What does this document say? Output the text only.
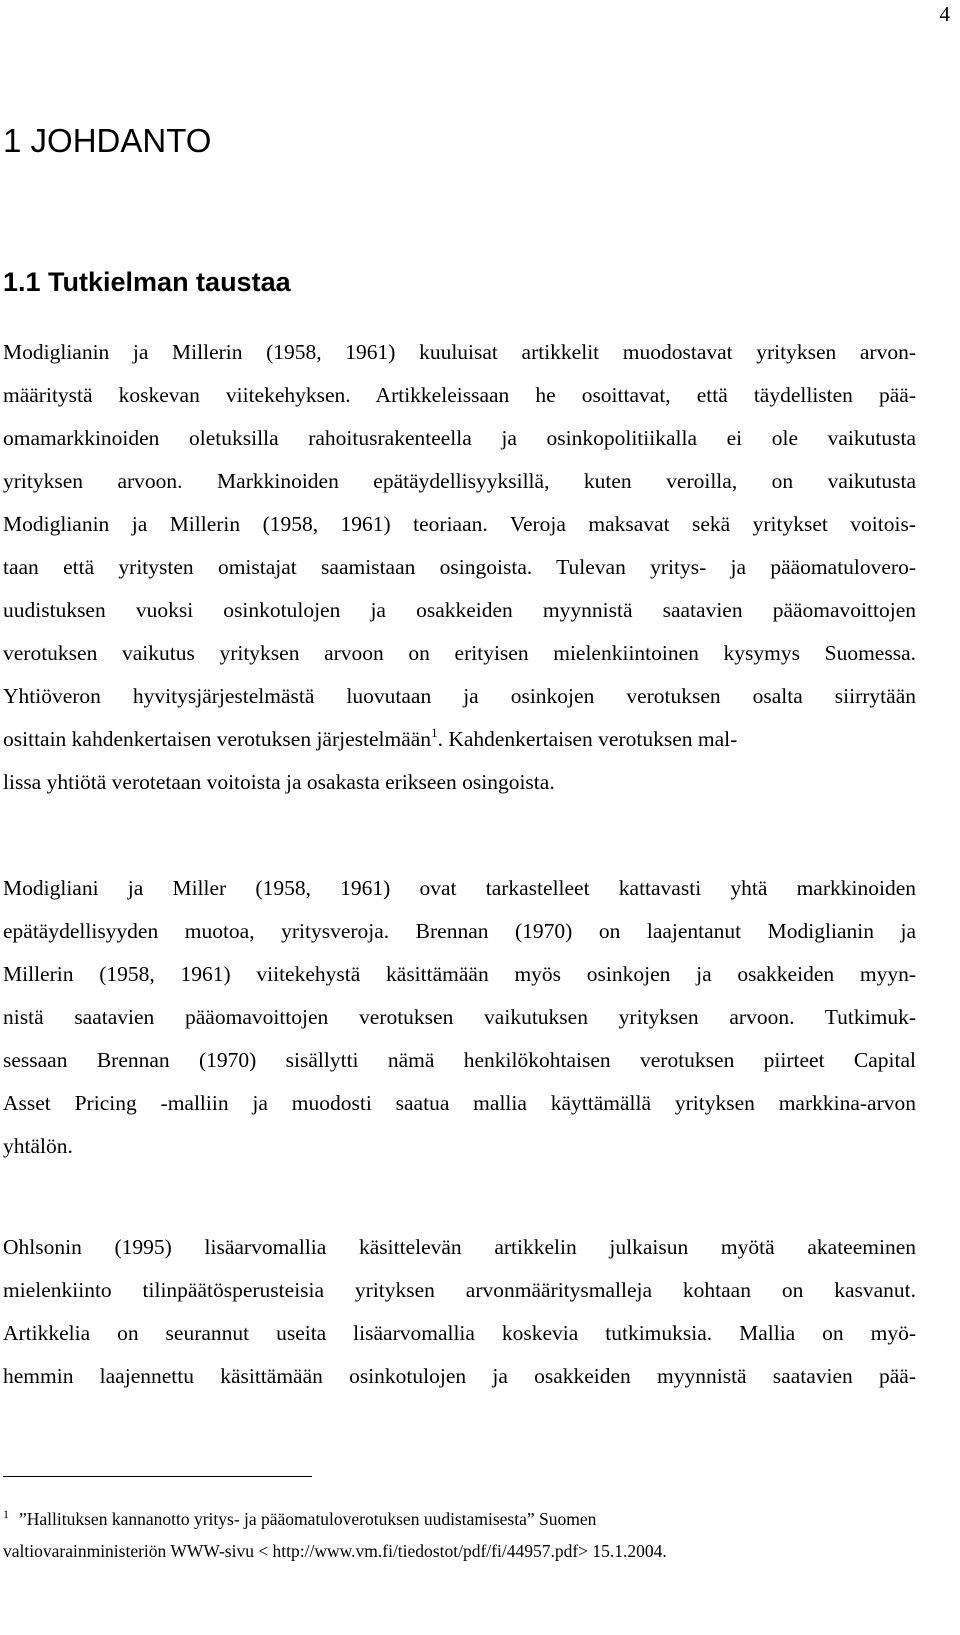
4
1 JOHDANTO
1.1 Tutkielman taustaa
Modiglianin ja Millerin (1958, 1961) kuuluisat artikkelit muodostavat yrityksen arvon-
määritystä koskevan viitekehyksen. Artikkeleissaan he osoittavat, että täydellisten pää-
omamarkkinoiden oletuksilla rahoitusrakenteella ja osinkopolitiikalla ei ole vaikutusta
yrityksen arvoon. Markkinoiden epätäydellisyyksillä, kuten veroilla, on vaikutusta
Modiglianin ja Millerin (1958, 1961) teoriaan. Veroja maksavat sekä yritykset voitois-
taan että yritysten omistajat saamistaan osingoista. Tulevan yritys- ja pääomatulovero-
uudistuksen vuoksi osinkotulojen ja osakkeiden myynnistä saatavien pääomavoittojen
verotuksen vaikutus yrityksen arvoon on erityisen mielenkiintoinen kysymys Suomessa.
Yhtiöveron hyvitysjärjestelmästä luovutaan ja osinkojen verotuksen osalta siirrytään
osittain kahdenkertaisen verotuksen järjestelmään$^1$. Kahdenkertaisen verotuksen mal-
lissa yhtiötä verotetaan voitoista ja osakasta erikseen osingoista.
Modigliani ja Miller (1958, 1961) ovat tarkastelleet kattavasti yhtä markkinoiden
epätäydellisyyden muotoa, yritysveroja. Brennan (1970) on laajentanut Modiglianin ja
Millerin (1958, 1961) viitekehystä käsittämään myös osinkojen ja osakkeiden myyn-
nistä saatavien pääomavoittojen verotuksen vaikutuksen yrityksen arvoon. Tutkimuk-
sessaan Brennan (1970) sisällytti nämä henkilökohtaisen verotuksen piirteet Capital
Asset Pricing -malliin ja muodosti saatua mallia käyttämällä yrityksen markkina-arvon
yhtälön.
Ohlsonin (1995) lisäarvomallia käsittelevän artikkelin julkaisun myötä akateeminen
mielenkiinto tilinpäätösperusteisia yrityksen arvonmääritysmalleja kohtaan on kasvanut.
Artikkelia on seurannut useita lisäarvomallia koskevia tutkimuksia. Mallia on myö-
hemmin laajennettu käsittämään osinkotulojen ja osakkeiden myynnistä saatavien pää-
$^1$ ”Hallituksen kannanotto yritys- ja pääomatuloverotuksen uudistamisesta” Suomen
valtiovarainministeriön WWW-sivu < http://www.vm.fi/tiedostot/pdf/fi/44957.pdf> 15.1.2004.
